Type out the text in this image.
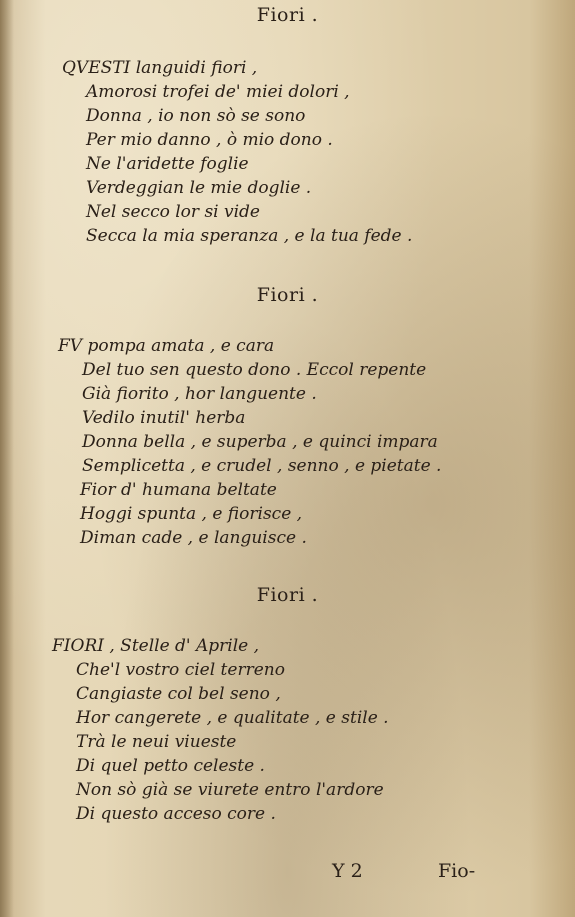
Fiori .
QVESTI languidi fiori ,
Amorosi trofei de' miei dolori ,
Donna , io non sò se sono
Per mio danno , ò mio dono .
Ne l'aridette foglie
Verdeggian le mie doglie .
Nel secco lor si vide
Secca la mia speranza , e la tua fede .
Fiori .
FV pompa amata , e cara
Del tuo sen questo dono . Eccol repente
Già fiorito , hor languente .
Vedilo inutil' herba
Donna bella , e superba , e quinci impara
Semplicetta , e crudel , senno , e pietate .
Fior d' humana beltate
Hoggi spunta , e fiorisce ,
Diman cade , e languisce .
Fiori .
FIORI , Stelle d' Aprile ,
Che'l vostro ciel terreno
Cangiaste col bel seno ,
Hor cangerete , e qualitate , e stile .
Trà le neui viueste
Di quel petto celeste .
Non sò già se viurete entro l'ardore
Di questo acceso core .
Y 2	Fio-
